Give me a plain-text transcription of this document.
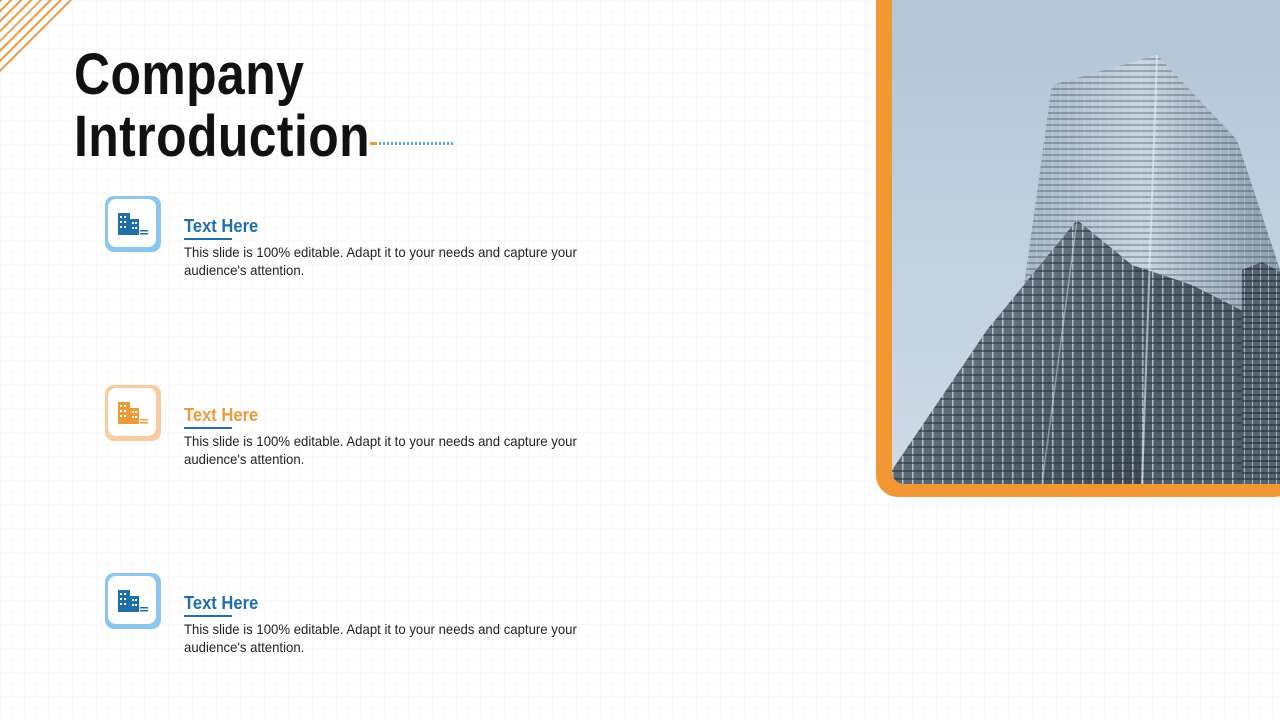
Company
Introduction
Text Here

This slide is 100% editable. Adapt it to your needs and capture your audience's attention.

Text Here

This slide is 100% editable. Adapt it to your needs and capture your audience's attention.

Text Here

This slide is 100% editable. Adapt it to your needs and capture your audience's attention.
